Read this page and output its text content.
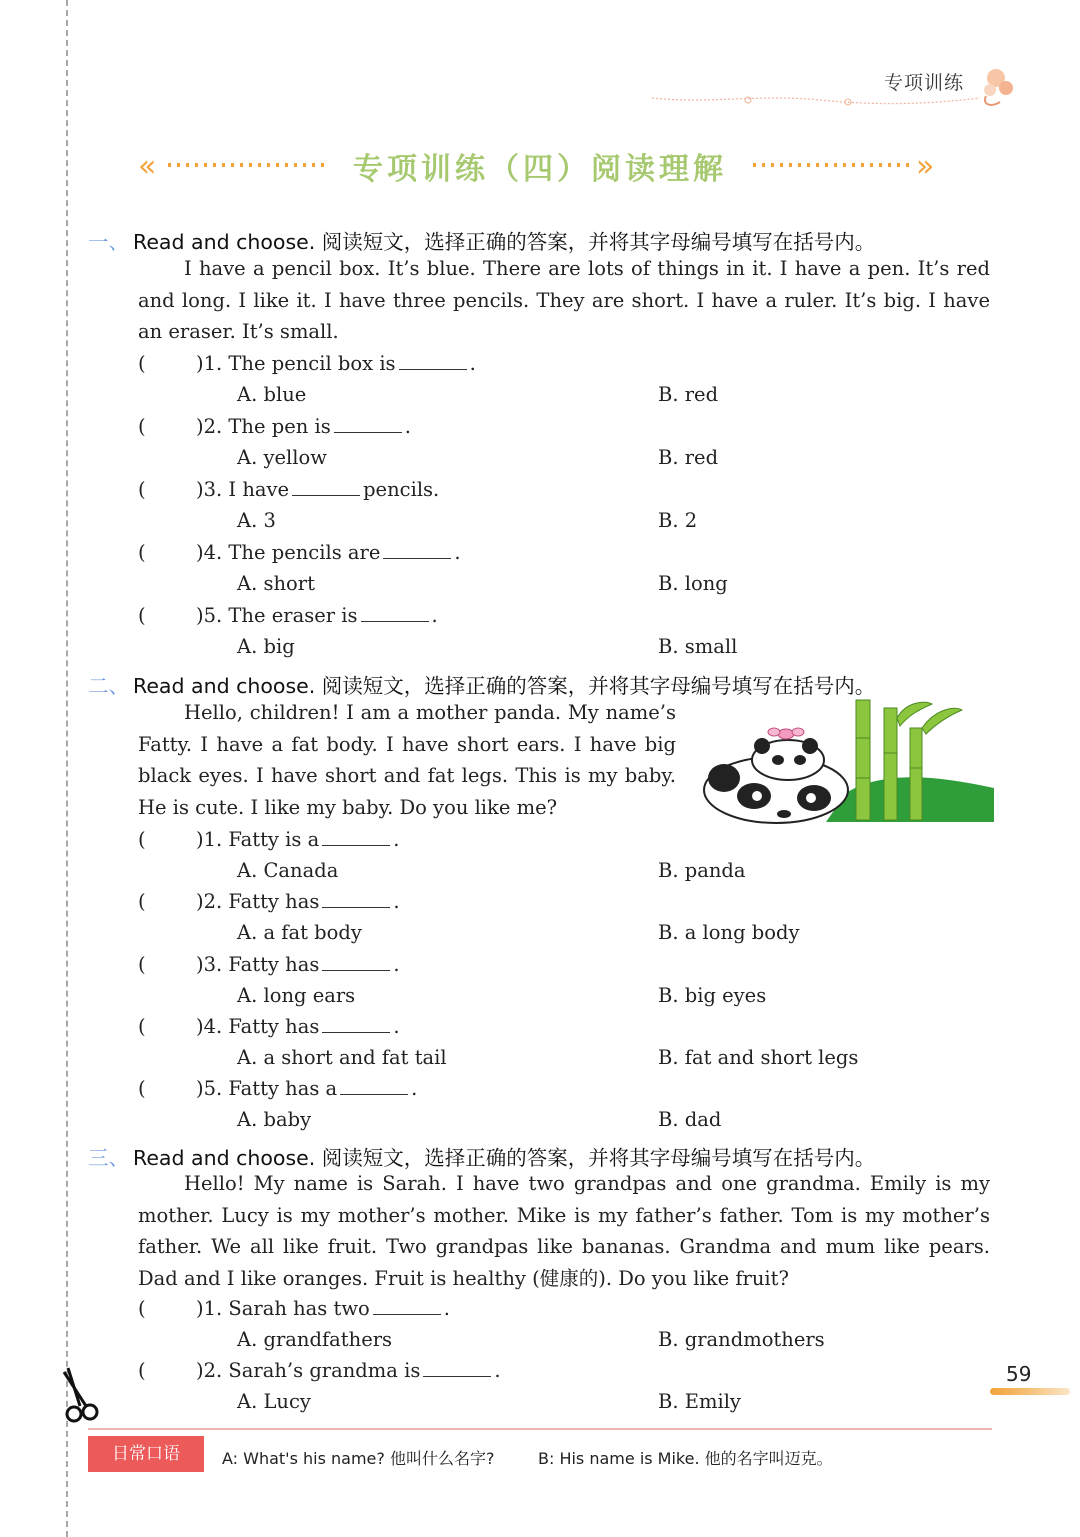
专项训练
«	»
专项训练（四）阅读理解
一、 Read and choose. 阅读短文，选择正确的答案，并将其字母编号填写在括号内。
I have a pencil box. It’s blue. There are lots of things in it. I have a pen. It’s red and long. I like it. I have three pencils. They are short. I have a ruler. It’s big. I have an eraser. It’s small.
(	)1. The pencil box is	.
A. blue	B. red
(	)2. The pen is	.
A. yellow	B. red
(	)3. I have	pencils.
A. 3	B. 2
(	)4. The pencils are	.
A. short	B. long
(	)5. The eraser is	.
A. big	B. small
二、 Read and choose. 阅读短文，选择正确的答案，并将其字母编号填写在括号内。
Hello, children! I am a mother panda. My name’s Fatty. I have a fat body. I have short ears. I have big black eyes. I have short and fat legs. This is my baby. He is cute. I like my baby. Do you like me?
(	)1. Fatty is a	.
A. Canada	B. panda
(	)2. Fatty has	.
A. a fat body	B. a long body
(	)3. Fatty has	.
A. long ears	B. big eyes
(	)4. Fatty has	.
A. a short and fat tail	B. fat and short legs
(	)5. Fatty has a	.
A. baby	B. dad
三、 Read and choose. 阅读短文，选择正确的答案，并将其字母编号填写在括号内。
Hello! My name is Sarah. I have two grandpas and one grandma. Emily is my mother. Lucy is my mother’s mother. Mike is my father’s father. Tom is my mother’s father. We all like fruit. Two grandpas like bananas. Grandma and mum like pears. Dad and I like oranges. Fruit is healthy (健康的). Do you like fruit?
(	)1. Sarah has two	.
A. grandfathers	B. grandmothers
(	)2. Sarah’s grandma is	.
A. Lucy	B. Emily
59
日常口语	A: What's his name? 他叫什么名字?	B: His name is Mike. 他的名字叫迈克。
